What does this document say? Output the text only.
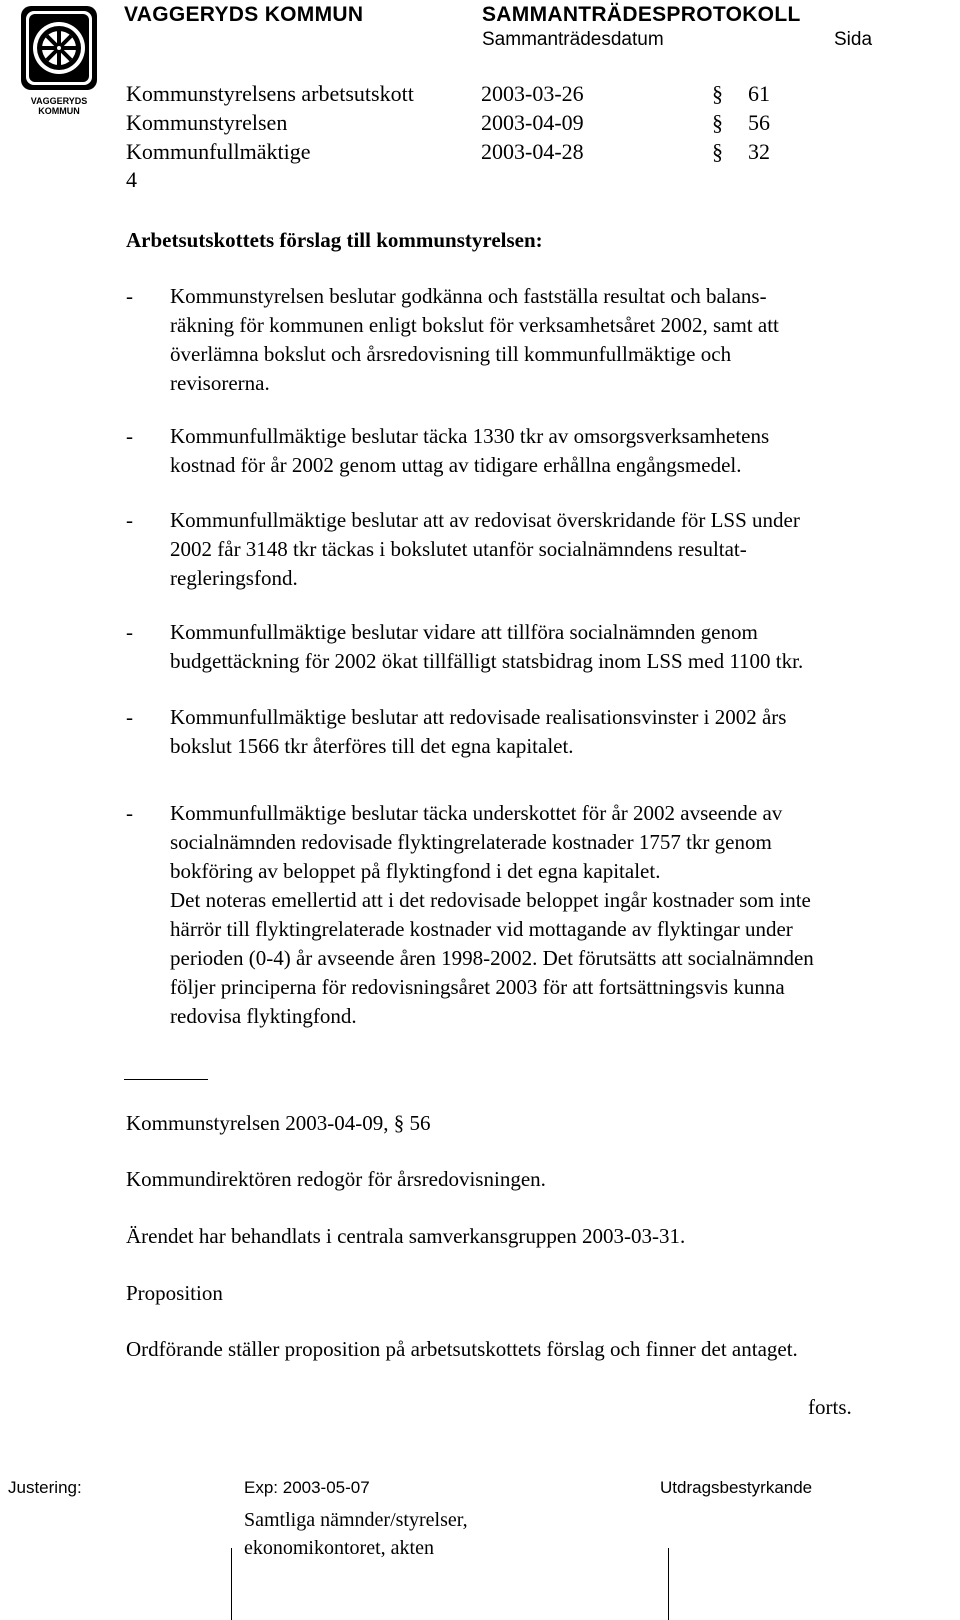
VAGGERYDS
KOMMUN
VAGGERYDS KOMMUN	SAMMANTRÄDESPROTOKOLL
Sammanträdesdatum	Sida
Kommunstyrelsens arbetsutskott	2003-03-26	§ 61
Kommunstyrelsen	2003-04-09	§ 56
Kommunfullmäktige	2003-04-28	§ 32
4
Arbetsutskottets förslag till kommunstyrelsen:
- Kommunstyrelsen beslutar godkänna och fastställa resultat och balans-
räkning för kommunen enligt bokslut för verksamhetsåret 2002, samt att
överlämna bokslut och årsredovisning till kommunfullmäktige och
revisorerna.
- Kommunfullmäktige beslutar täcka 1330 tkr av omsorgsverksamhetens
kostnad för år 2002 genom uttag av tidigare erhållna engångsmedel.
- Kommunfullmäktige beslutar att av redovisat överskridande för LSS under
2002 får 3148 tkr täckas i bokslutet utanför socialnämndens resultat-
regleringsfond.
- Kommunfullmäktige beslutar vidare att tillföra socialnämnden genom
budgettäckning för 2002 ökat tillfälligt statsbidrag inom LSS med 1100 tkr.
- Kommunfullmäktige beslutar att redovisade realisationsvinster i 2002 års
bokslut 1566 tkr återföres till det egna kapitalet.
- Kommunfullmäktige beslutar täcka underskottet för år 2002 avseende av
socialnämnden redovisade flyktingrelaterade kostnader 1757 tkr genom
bokföring av beloppet på flyktingfond i det egna kapitalet.
Det noteras emellertid att i det redovisade beloppet ingår kostnader som inte
härrör till flyktingrelaterade kostnader vid mottagande av flyktingar under
perioden (0-4) år avseende åren 1998-2002. Det förutsätts att socialnämnden
följer principerna för redovisningsåret 2003 för att fortsättningsvis kunna
redovisa flyktingfond.
Kommunstyrelsen 2003-04-09, § 56
Kommundirektören redogör för årsredovisningen.
Ärendet har behandlats i centrala samverkansgruppen 2003-03-31.
Proposition
Ordförande ställer proposition på arbetsutskottets förslag och finner det antaget.
forts.
Justering:	Exp: 2003-05-07	Utdragsbestyrkande
Samtliga nämnder/styrelser,
ekonomikontoret, akten
